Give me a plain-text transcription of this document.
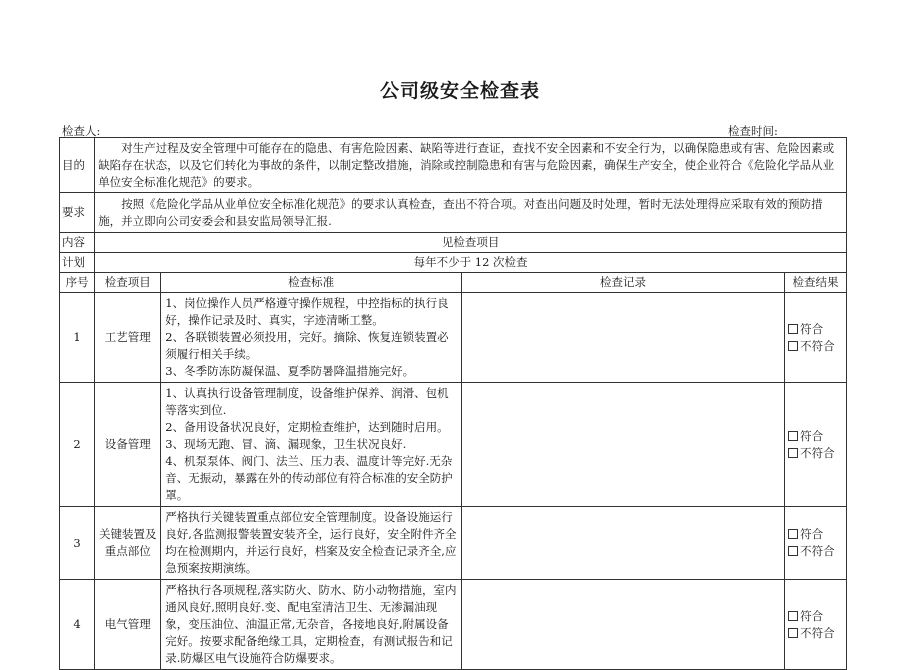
公司级安全检查表
检查人:	检查时间:
目的	对生产过程及安全管理中可能存在的隐患、有害危险因素、缺陷等进行查证，查找不安全因素和不安全行为，以确保隐患或有害、危险因素或缺陷存在状态，以及它们转化为事故的条件，以制定整改措施，消除或控制隐患和有害与危险因素，确保生产安全，使企业符合《危险化学品从业单位安全标准化规范》的要求。			
要求	按照《危险化学品从业单位安全标准化规范》的要求认真检查，查出不符合项。对查出问题及时处理，暂时无法处理得应采取有效的预防措施，并立即向公司安委会和县安监局领导汇报.			
内容	见检查项目			
计划	每年不少于 12 次检查			
序号	检查项目	检查标准	检查记录	检查结果
1	工艺管理	1、岗位操作人员严格遵守操作规程，中控指标的执行良好，操作记录及时、真实，字迹清晰工整。
2、各联锁装置必须投用，完好。摘除、恢复连锁装置必须履行相关手续。
3、冬季防冻防凝保温、夏季防暑降温措施完好。		符合
不符合

2	设备管理	1、认真执行设备管理制度，设备维护保养、润滑、包机等落实到位.
2、备用设备状况良好，定期检查维护，达到随时启用。
3、现场无跑、冒、滴、漏现象，卫生状况良好.
4、机泵泵体、阀门、法兰、压力表、温度计等完好.无杂音、无振动，暴露在外的传动部位有符合标准的安全防护罩。		符合
不符合

3	关键装置及重点部位	严格执行关键装置重点部位安全管理制度。设备设施运行良好,各监测报警装置安装齐全，运行良好，安全附件齐全均在检测期内，并运行良好，档案及安全检查记录齐全,应急预案按期演练。		符合
不符合

4	电气管理	严格执行各项规程,落实防火、防水、防小动物措施，室内通风良好,照明良好.变、配电室清洁卫生、无渗漏油现象，变压油位、油温正常,无杂音，各接地良好,附属设备完好。按要求配备绝缘工具，定期检查，有测试报告和记录.防爆区电气设施符合防爆要求。		符合
不符合
